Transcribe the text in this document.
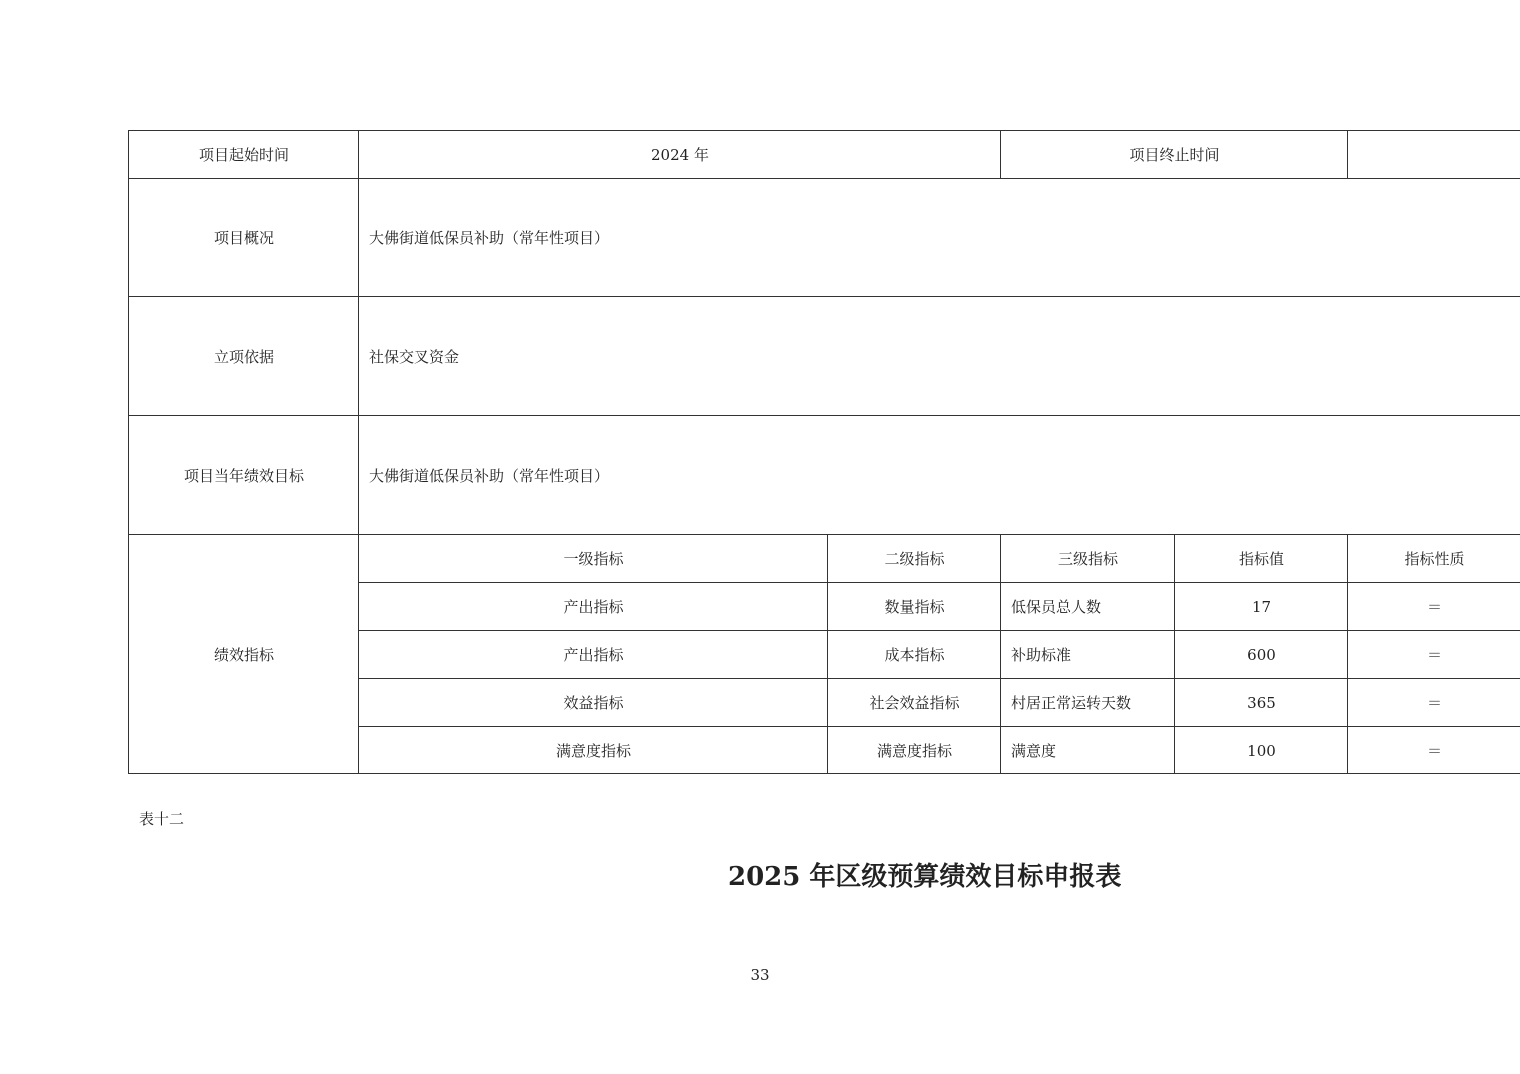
项目起始时间	2024 年	项目终止时间
项目概况	大佛街道低保员补助（常年性项目）
立项依据	社保交叉资金
项目当年绩效目标	大佛街道低保员补助（常年性项目）
绩效指标
一级指标	二级指标	三级指标	指标值	指标性质
产出指标	数量指标	低保员总人数	17	＝
产出指标	成本指标	补助标准	600	＝
效益指标	社会效益指标	村居正常运转天数	365	＝
满意度指标	满意度指标	满意度	100	＝
表十二
2025 年区级预算绩效目标申报表
33
